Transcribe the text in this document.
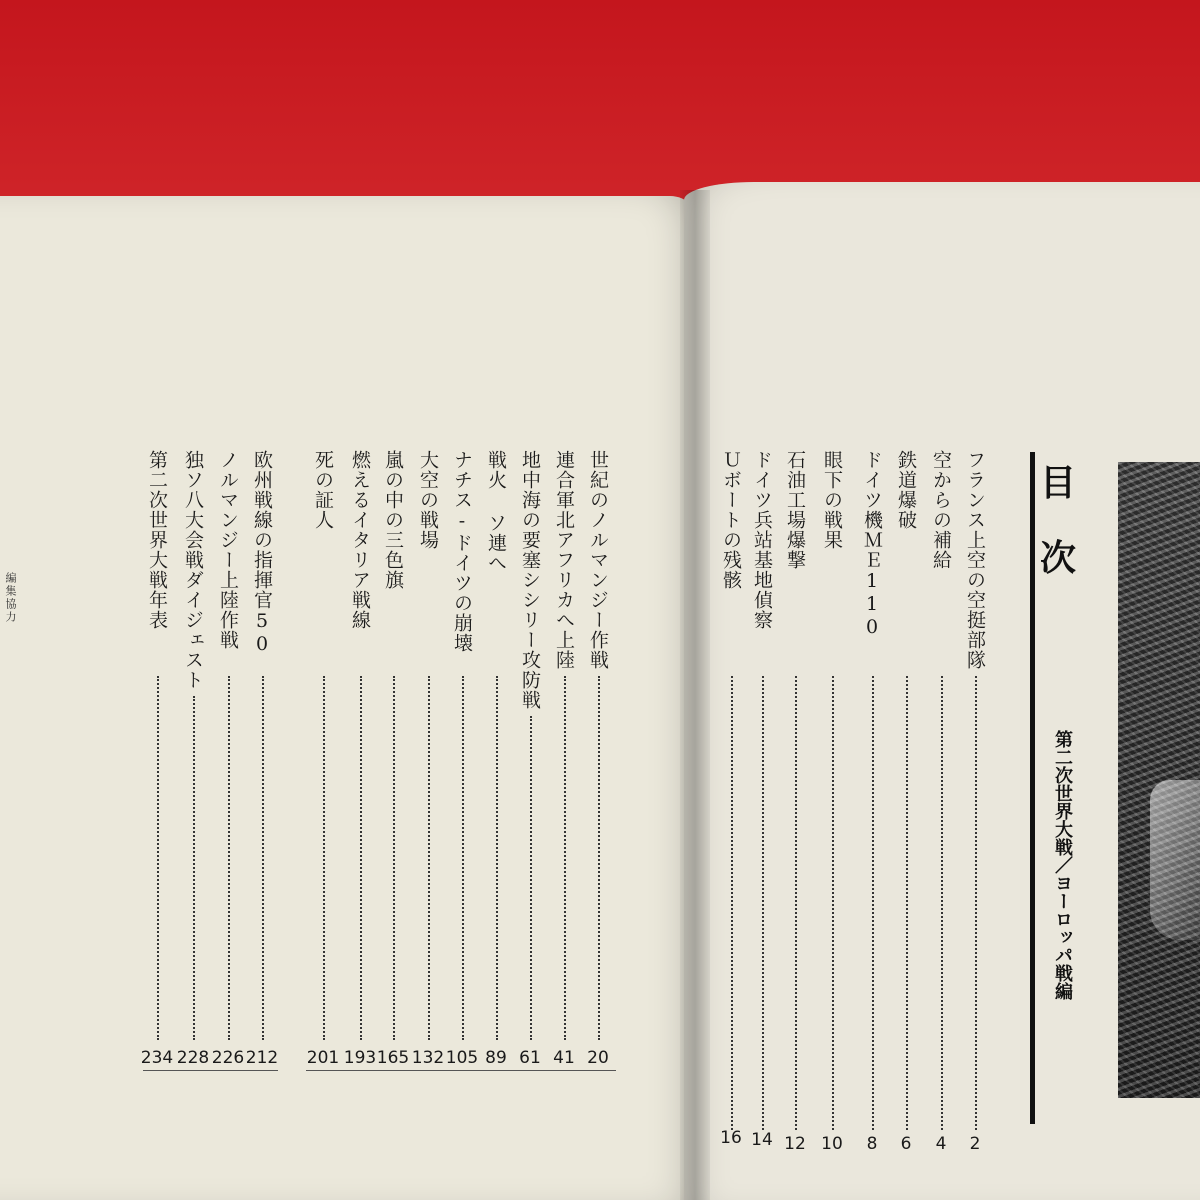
編集協力	フランス上空の空挺部隊
2
空からの補給
4
鉄道爆破
6
ドイツ機ＭＥ110
8
眼下の戦果
10
石油工場爆撃
12
ドイツ兵站基地偵察
14
Ｕボートの残骸
16
世紀のノルマンジー作戦
20
連合軍北アフリカへ上陸
41
地中海の要塞シシリー攻防戦
61
戦火 ソ連へ
89
ナチス-ドイツの崩壊
105
大空の戦場
132
嵐の中の三色旗
165
燃えるイタリア戦線
193
死の証人
201
欧州戦線の指揮官50
212
ノルマンジー上陸作戦
226
独ソ八大会戦ダイジェスト
228
第二次世界大戦年表
234
目
次
第二次世界大戦／ヨーロッパ戦編
